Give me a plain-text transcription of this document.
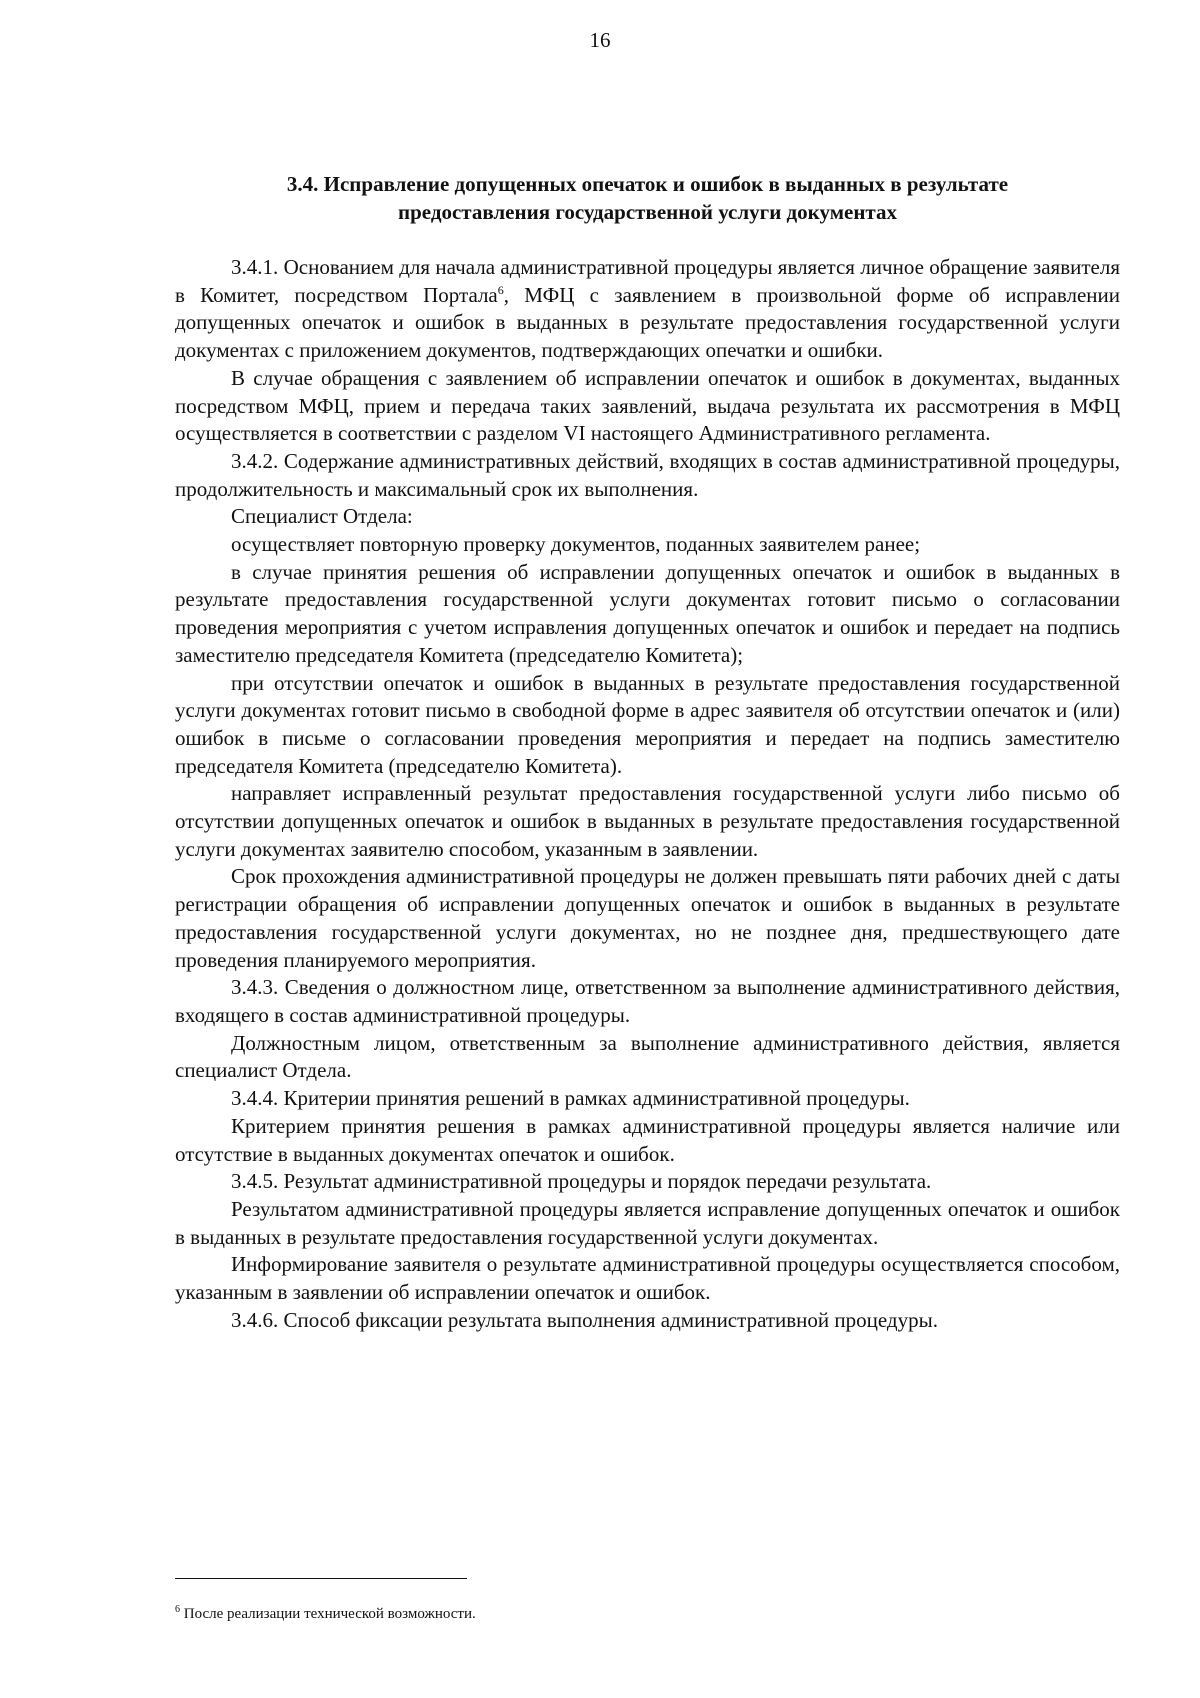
16
3.4. Исправление допущенных опечаток и ошибок в выданных в результате
предоставления государственной услуги документах

3.4.1. Основанием для начала административной процедуры является личное обращение заявителя в Комитет, посредством Портала$^6$, МФЦ с заявлением в произвольной форме об исправлении допущенных опечаток и ошибок в выданных в результате предоставления государственной услуги документах с приложением документов, подтверждающих опечатки и ошибки.

В случае обращения с заявлением об исправлении опечаток и ошибок в документах, выданных посредством МФЦ, прием и передача таких заявлений, выдача результата их рассмотрения в МФЦ осуществляется в соответствии с разделом VI настоящего Административного регламента.

3.4.2. Содержание административных действий, входящих в состав административной процедуры, продолжительность и максимальный срок их выполнения.

Специалист Отдела:

осуществляет повторную проверку документов, поданных заявителем ранее;

в случае принятия решения об исправлении допущенных опечаток и ошибок в выданных в результате предоставления государственной услуги документах готовит письмо о согласовании проведения мероприятия с учетом исправления допущенных опечаток и ошибок и передает на подпись заместителю председателя Комитета (председателю Комитета);

при отсутствии опечаток и ошибок в выданных в результате предоставления государственной услуги документах готовит письмо в свободной форме в адрес заявителя об отсутствии опечаток и (или) ошибок в письме о согласовании проведения мероприятия и передает на подпись заместителю председателя Комитета (председателю Комитета).

направляет исправленный результат предоставления государственной услуги либо письмо об отсутствии допущенных опечаток и ошибок в выданных в результате предоставления государственной услуги документах заявителю способом, указанным в заявлении.

Срок прохождения административной процедуры не должен превышать пяти рабочих дней с даты регистрации обращения об исправлении допущенных опечаток и ошибок в выданных в результате предоставления государственной услуги документах, но не позднее дня, предшествующего дате проведения планируемого мероприятия.

3.4.3. Сведения о должностном лице, ответственном за выполнение административного действия, входящего в состав административной процедуры.

Должностным лицом, ответственным за выполнение административного действия, является специалист Отдела.

3.4.4. Критерии принятия решений в рамках административной процедуры.

Критерием принятия решения в рамках административной процедуры является наличие или отсутствие в выданных документах опечаток и ошибок.

3.4.5. Результат административной процедуры и порядок передачи результата.

Результатом административной процедуры является исправление допущенных опечаток и ошибок в выданных в результате предоставления государственной услуги документах.

Информирование заявителя о результате административной процедуры осуществляется способом, указанным в заявлении об исправлении опечаток и ошибок.

3.4.6. Способ фиксации результата выполнения административной процедуры.

$^6$ После реализации технической возможности.
